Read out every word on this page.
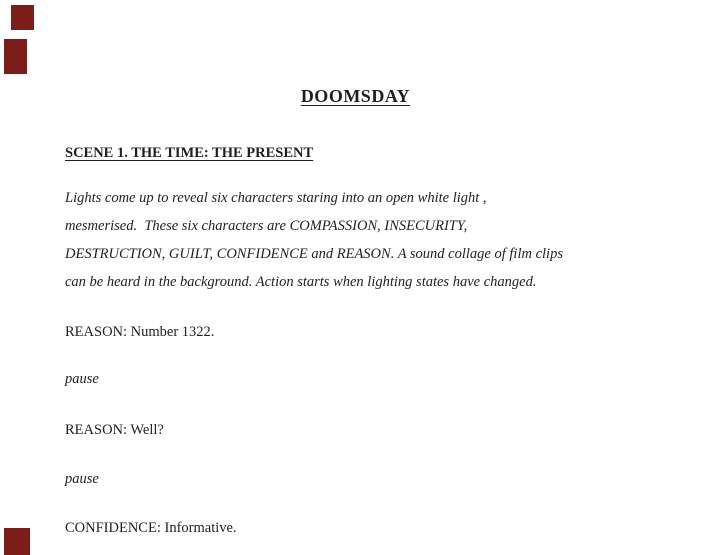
DOOMSDAY
SCENE 1. THE TIME: THE PRESENT
Lights come up to reveal six characters staring into an open white light ,
mesmerised.  These six characters are COMPASSION, INSECURITY,
DESTRUCTION, GUILT, CONFIDENCE and REASON. A sound collage of film clips
can be heard in the background. Action starts when lighting states have changed.
REASON: Number 1322.
pause
REASON: Well?
pause
CONFIDENCE: Informative.
